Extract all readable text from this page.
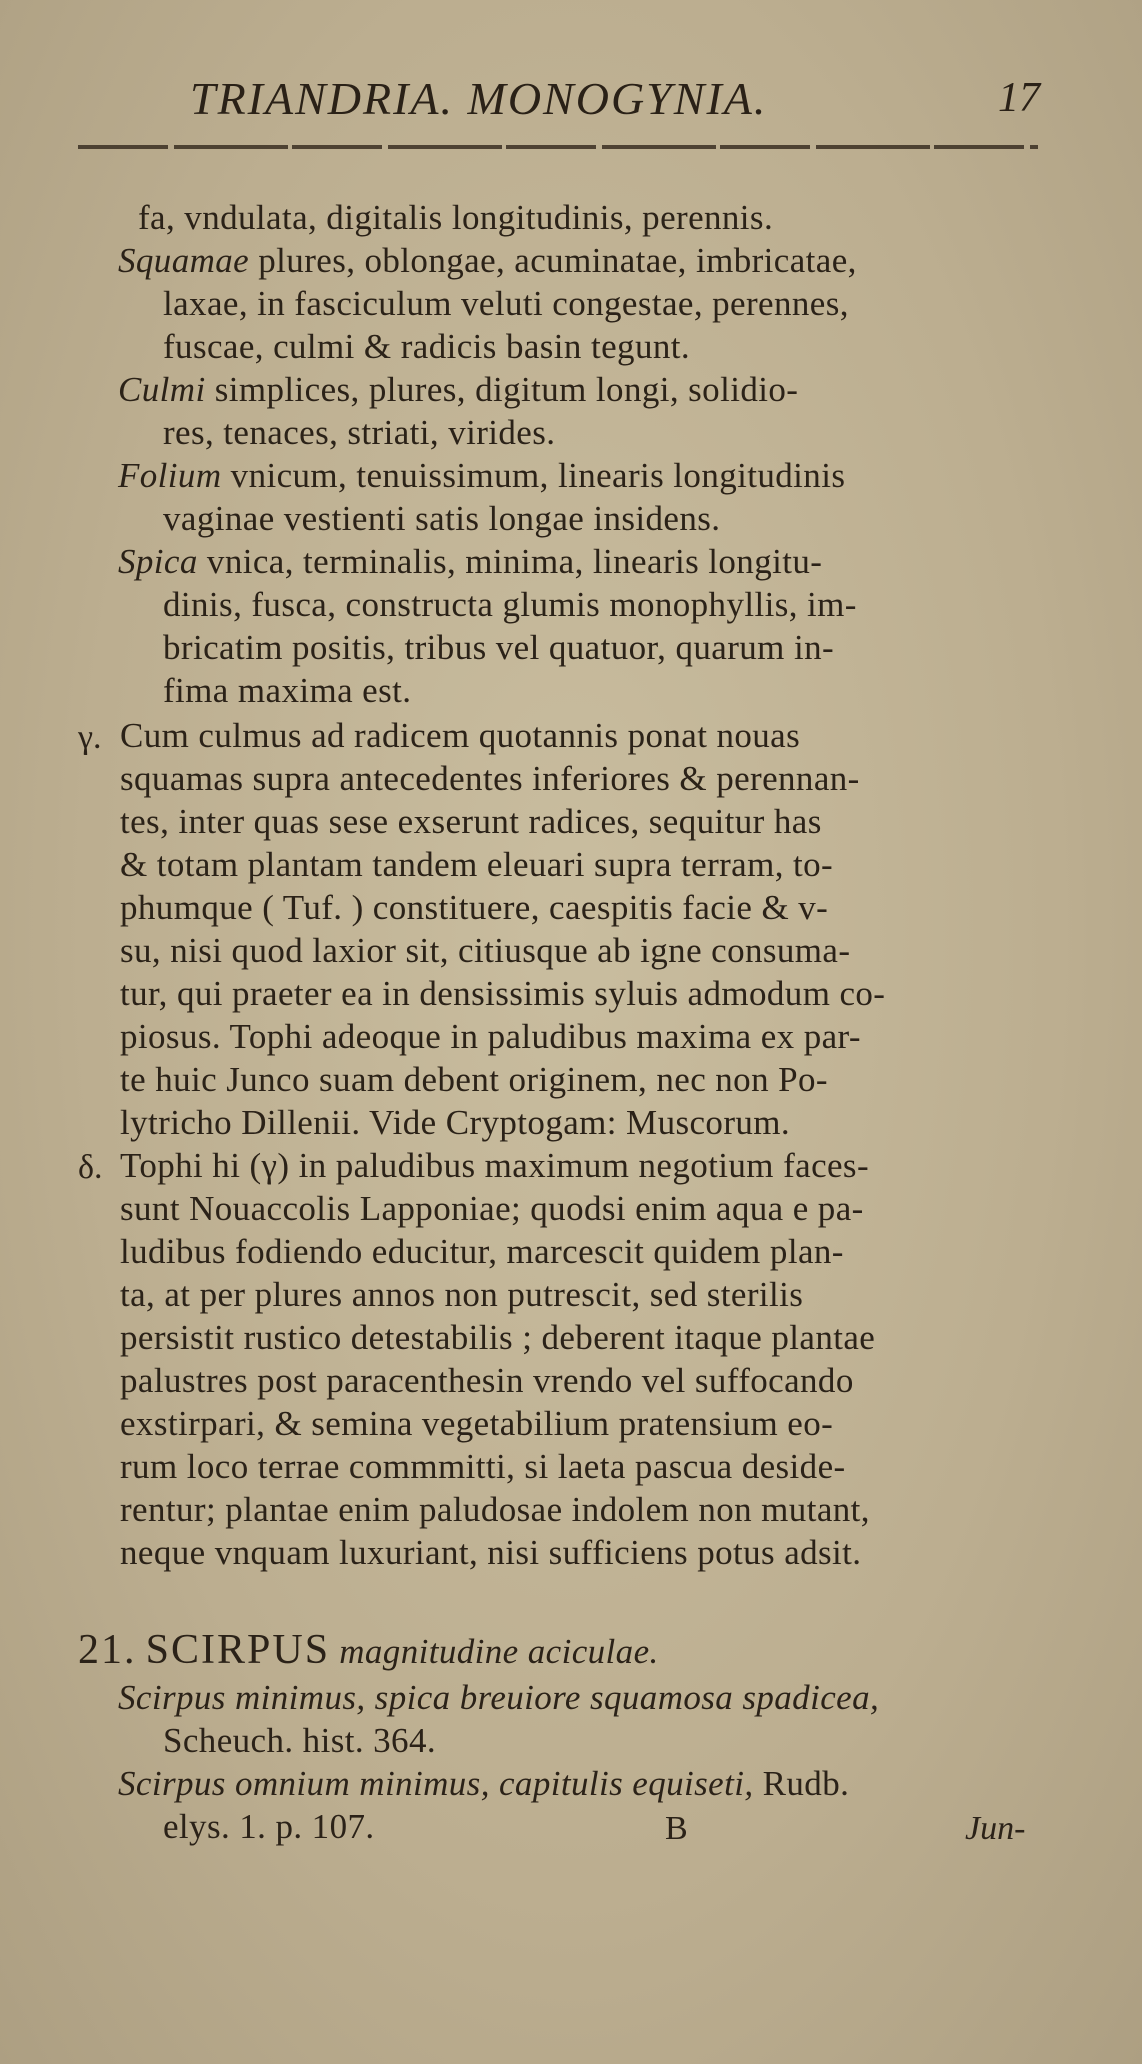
TRIANDRIA. MONOGYNIA.	17
fa, vndulata, digitalis longitudinis, perennis.
Squamae plures, oblongae, acuminatae, imbricatae,
laxae, in fasciculum veluti congestae, perennes,
fuscae, culmi & radicis basin tegunt.
Culmi simplices, plures, digitum longi, solidio-
res, tenaces, striati, virides.
Folium vnicum, tenuissimum, linearis longitudinis
vaginae vestienti satis longae insidens.
Spica vnica, terminalis, minima, linearis longitu-
dinis, fusca, constructa glumis monophyllis, im-
bricatim positis, tribus vel quatuor, quarum in-
fima maxima est.
γ. Cum culmus ad radicem quotannis ponat nouas
squamas supra antecedentes inferiores & perennan-
tes, inter quas sese exserunt radices, sequitur has
& totam plantam tandem eleuari supra terram, to-
phumque ( Tuf. ) constituere, caespitis facie & v-
su, nisi quod laxior sit, citiusque ab igne consuma-
tur, qui praeter ea in densissimis syluis admodum co-
piosus. Tophi adeoque in paludibus maxima ex par-
te huic Junco suam debent originem, nec non Po-
lytricho Dillenii. Vide Cryptogam: Muscorum.
δ. Tophi hi (γ) in paludibus maximum negotium faces-
sunt Nouaccolis Lapponiae; quodsi enim aqua e pa-
ludibus fodiendo educitur, marcescit quidem plan-
ta, at per plures annos non putrescit, sed sterilis
persistit rustico detestabilis ; deberent itaque plantae
palustres post paracenthesin vrendo vel suffocando
exstirpari, & semina vegetabilium pratensium eo-
rum loco terrae commmitti, si laeta pascua deside-
rentur; plantae enim paludosae indolem non mutant,
neque vnquam luxuriant, nisi sufficiens potus adsit.
21. SCIRPUS magnitudine aciculae.
Scirpus minimus, spica breuiore squamosa spadicea,
Scheuch. hist. 364.
Scirpus omnium minimus, capitulis equiseti, Rudb.
elys. 1. p. 107.	B	Jun-
